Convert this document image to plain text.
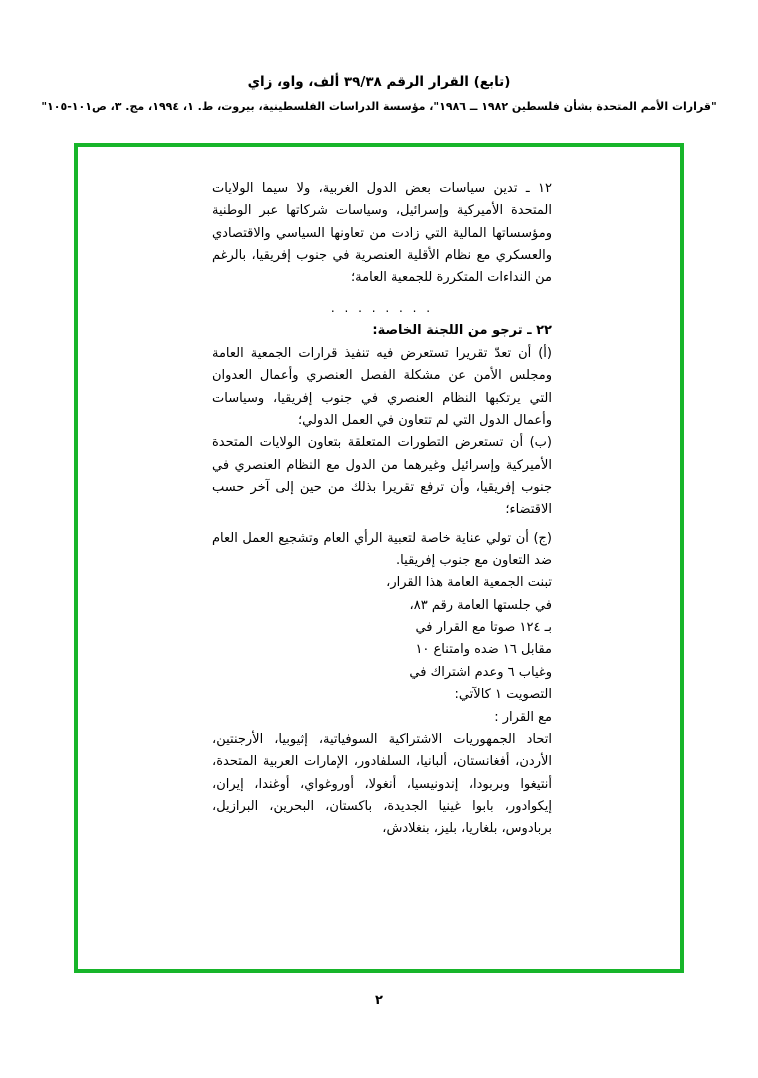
(تابع) القرار الرقم ٣٩/٣٨ ألف، واو، زاي
"قرارات الأمم المتحدة بشأن فلسطين ١٩٨٢ ــ ١٩٨٦"، مؤسسة الدراسات الفلسطينية، بيروت، ط. ١، ١٩٩٤، مج. ٣، ص١٠١-١٠٥"

١٢ ـ تدين سياسات بعض الدول الغربية، ولا سيما الولايات المتحدة الأميركية وإسرائيل، وسياسات شركاتها عبر الوطنية ومؤسساتها المالية التي زادت من تعاونها السياسي والاقتصادي والعسكري مع نظام الأقلية العنصرية في جنوب إفريقيا، بالرغم من النداءات المتكررة للجمعية العامة؛

. . . . . . . .

٢٢ ـ ترجو من اللجنة الخاصة:

(أ) أن تعدّ تقريرا تستعرض فيه تنفيذ قرارات الجمعية العامة ومجلس الأمن عن مشكلة الفصل العنصري وأعمال العدوان التي يرتكبها النظام العنصري في جنوب إفريقيا، وسياسات وأعمال الدول التي لم تتعاون في العمل الدولي؛

(ب) أن تستعرض التطورات المتعلقة بتعاون الولايات المتحدة الأميركية وإسرائيل وغيرهما من الدول مع النظام العنصري في جنوب إفريقيا، وأن ترفع تقريرا بذلك من حين إلى آخر حسب الاقتضاء؛

(ج) أن تولي عناية خاصة لتعبية الرأي العام وتشجيع العمل العام ضد التعاون مع جنوب إفريقيا.

تبنت الجمعية العامة هذا القرار،

في جلستها العامة رقم ٨٣،

بـ ١٢٤ صوتا مع القرار في

مقابل ١٦ ضده وامتناع ١٠

وغياب ٦ وعدم اشتراك في

التصويت ١ كالآتي:

مع القرار :

اتحاد الجمهوريات الاشتراكية السوفياتية، إثيوبيا، الأرجنتين، الأردن، أفغانستان، ألبانيا، السلفادور، الإمارات العربية المتحدة، أنتيغوا وبربودا، إندونيسيا، أنغولا، أوروغواي، أوغندا، إيران، إيكوادور، بابوا غينيا الجديدة، باكستان، البحرين، البرازيل، بربادوس، بلغاريا، بليز، بنغلادش،

٢
